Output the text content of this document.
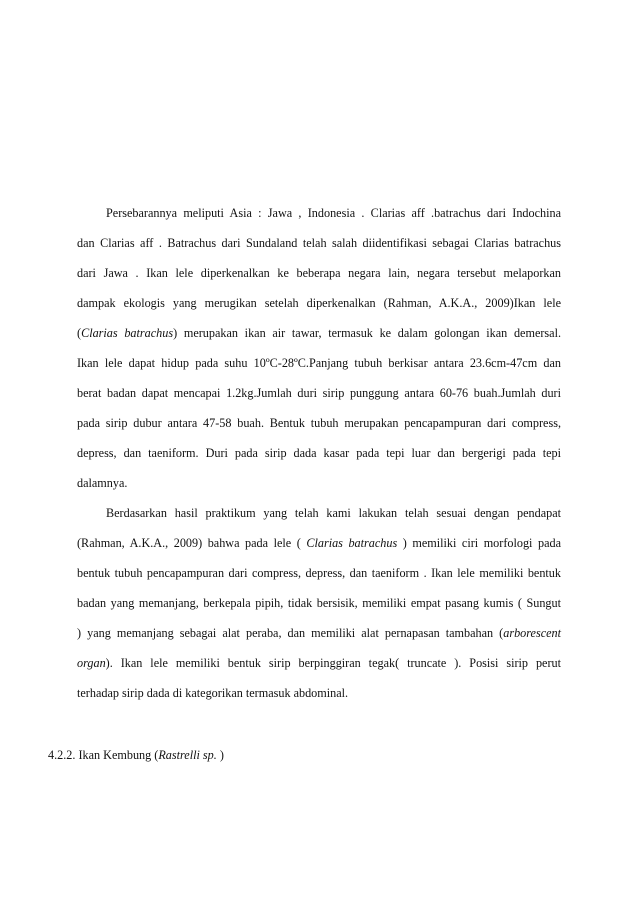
Persebarannya meliputi Asia : Jawa , Indonesia . Clarias aff .batrachus dari Indochina
dan Clarias aff . Batrachus dari Sundaland telah salah diidentifikasi sebagai Clarias batrachus
dari Jawa . Ikan lele diperkenalkan ke beberapa negara lain, negara tersebut melaporkan
dampak ekologis yang merugikan setelah diperkenalkan (Rahman, A.K.A., 2009)Ikan lele
(Clarias batrachus) merupakan ikan air tawar, termasuk ke dalam golongan ikan demersal.
Ikan lele dapat hidup pada suhu 10ºC-28ºC.Panjang tubuh berkisar antara 23.6cm-47cm dan
berat badan dapat mencapai 1.2kg.Jumlah duri sirip punggung antara 60-76 buah.Jumlah duri
pada sirip dubur antara 47-58 buah. Bentuk tubuh merupakan pencapampuran dari compress,
depress, dan taeniform. Duri pada sirip dada kasar pada tepi luar dan bergerigi pada tepi
dalamnya.
Berdasarkan hasil praktikum yang telah kami lakukan telah sesuai dengan pendapat
(Rahman, A.K.A., 2009) bahwa pada lele ( Clarias batrachus ) memiliki ciri morfologi pada
bentuk tubuh pencapampuran dari compress, depress, dan taeniform . Ikan lele memiliki bentuk
badan yang memanjang, berkepala pipih, tidak bersisik, memiliki empat pasang kumis ( Sungut
) yang memanjang sebagai alat peraba, dan memiliki alat pernapasan tambahan (arborescent
organ). Ikan lele memiliki bentuk sirip berpinggiran tegak( truncate ). Posisi sirip perut
terhadap sirip dada di kategorikan termasuk abdominal.
4.2.2. Ikan Kembung (Rastrelli sp. )
